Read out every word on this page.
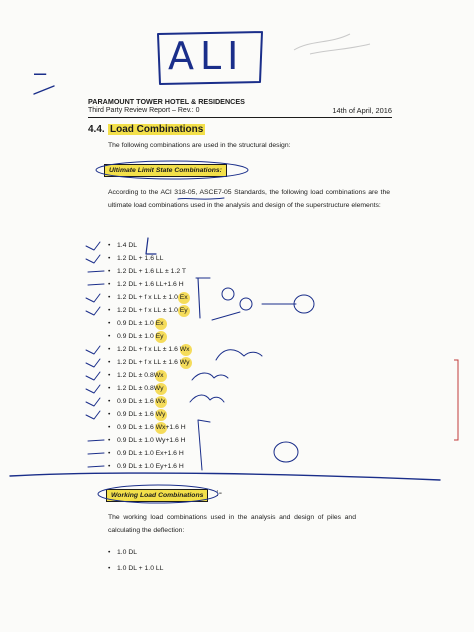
ALI
–
PARAMOUNT TOWER HOTEL & RESIDENCES
Third Party Review Report – Rev.: 0	14th of April, 2016
4.4. Load Combinations
The following combinations are used in the structural design:
Ultimate Limit State Combinations:
According to the ACI 318-05, ASCE7-05 Standards, the following load combinations are the ultimate load combinations used in the analysis and design of the superstructure elements:
• 1.4 DL
• 1.2 DL + 1.6 LL
• 1.2 DL + 1.6 LL ± 1.2 T
• 1.2 DL + 1.6 LL+1.6 H
• 1.2 DL + f x LL ± 1.0 Ex
• 1.2 DL + f x LL ± 1.0 Ey
• 0.9 DL ± 1.0 Ex
• 0.9 DL ± 1.0 Ey
• 1.2 DL + f x LL ± 1.6 Wx
• 1.2 DL + f x LL ± 1.6 Wy
• 1.2 DL ± 0.8Wx
• 1.2 DL ± 0.8Wy
• 0.9 DL ± 1.6 Wx
• 0.9 DL ± 1.6 Wy
• 0.9 DL ± 1.6 Wx+1.6 H
• 0.9 DL ± 1.0 Wy+1.6 H
• 0.9 DL ± 1.0 Ex+1.6 H
• 0.9 DL ± 1.0 Ey+1.6 H
Working Load Combinations	:-
The working load combinations used in the analysis and design of piles and calculating the deflection:
• 1.0 DL
• 1.0 DL + 1.0 LL
